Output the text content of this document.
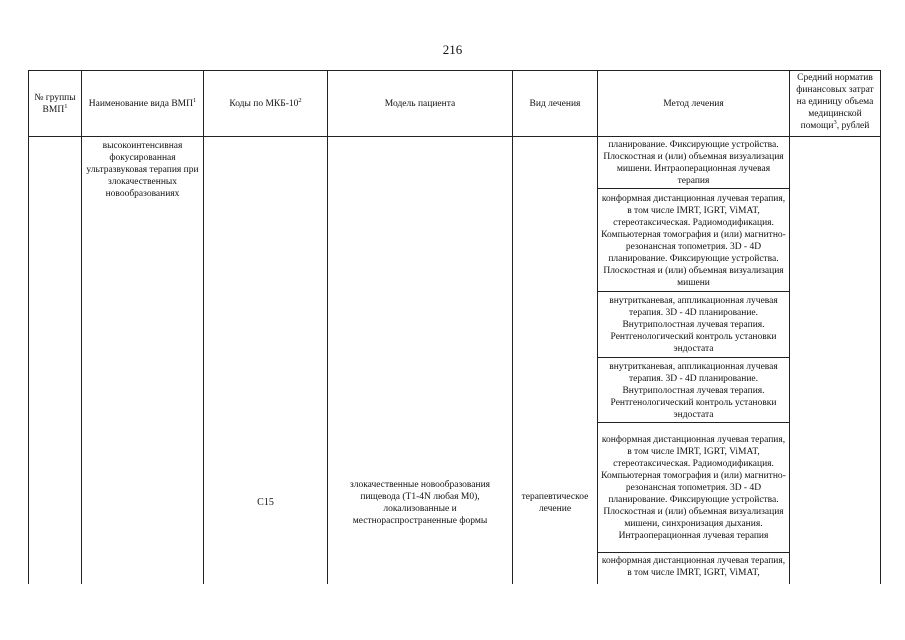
216
№ группы ВМП$^1$	Наименование вида ВМП$^1$	Коды по МКБ-$10^2$	Модель пациента	Вид лечения	Метод лечения	Средний норматив финансовых затрат на единицу объема медицинской помощи$^3$, рублей
	высокоинтенсивная фокусированная ультразвуковая терапия при злокачественных новообразованиях				планирование. Фиксирующие устройства. Плоскостная и (или) объемная визуализация мишени. Интраоперационная лучевая терапия	
					конформная дистанционная лучевая терапия, в том числе IMRT, IGRT, ViMAT, стереотаксическая. Радиомодификация. Компьютерная томография и (или) магнитно-резонансная топометрия. 3D - 4D планирование. Фиксирующие устройства. Плоскостная и (или) объемная визуализация мишени	
					внутритканевая, аппликационная лучевая терапия. 3D - 4D планирование. Внутриполостная лучевая терапия. Рентгенологический контроль установки эндостата	
					внутритканевая, аппликационная лучевая терапия. 3D - 4D планирование. Внутриполостная лучевая терапия. Рентгенологический контроль установки эндостата	
		C15	злокачественные новообразования пищевода (T1-4N любая M0), локализованные и местнораспространенные формы	терапевтическое лечение	конформная дистанционная лучевая терапия, в том числе IMRT, IGRT, ViMAT, стереотаксическая. Радиомодификация. Компьютерная томография и (или) магнитно-резонансная топометрия. 3D - 4D планирование. Фиксирующие устройства. Плоскостная и (или) объемная визуализация мишени, синхронизация дыхания. Интраоперационная лучевая терапия	
					конформная дистанционная лучевая терапия, в том числе IMRT, IGRT, ViMAT,	
